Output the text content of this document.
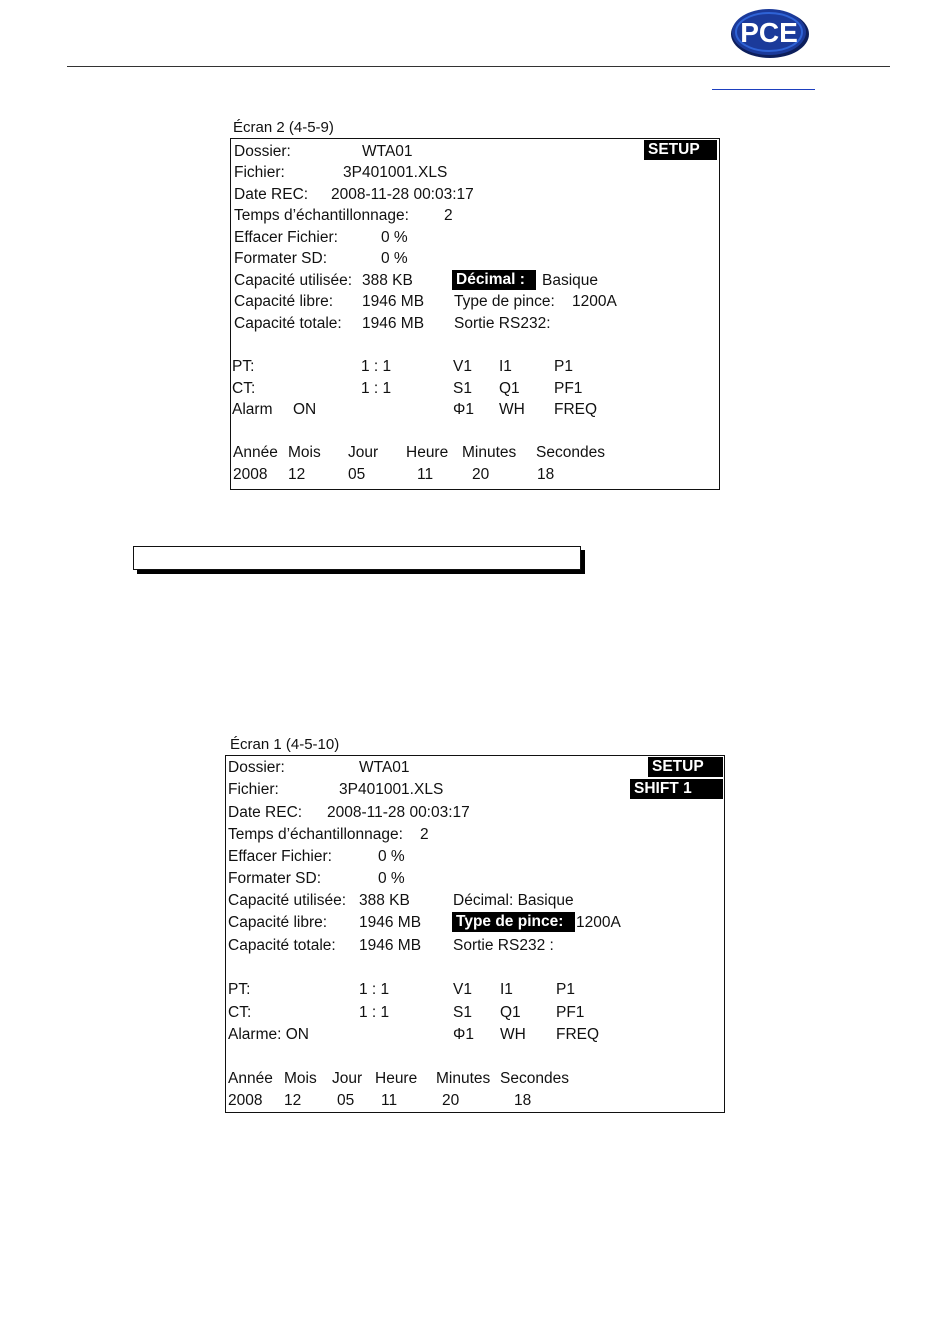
PCE
Écran 2 (4-5-9)
SETUP
Dossier:	WTA01
Fichier:	3P401001.XLS
Date REC: 2008-11-28 00:03:17
Temps d’échantillonnage: 2
Effacer Fichier:	0 %
Formater SD:	0 %
Capacité utilisée: 388 KB	Décimal :	Basique
Capacité libre: 1946 MB Type de pince: 1200A
Capacité totale: 1946 MB Sortie RS232:
PT:	1 : 1	V1 I1	P1
CT:	1 : 1	S1 Q1 PF1
Alarm ON	Φ1 WH FREQ
Année Mois Jour Heure Minutes Secondes
2008 12	05	11	20	18
Écran 1 (4-5-10)
SETUP
SHIFT 1
Dossier:	WTA01
Fichier:	3P401001.XLS
Date REC: 2008-11-28 00:03:17
Temps d’échantillonnage: 2
Effacer Fichier:	0 %
Formater SD:	0 %
Capacité utilisée: 388 KB	Décimal: Basique
Capacité libre: 1946 MB Type de pince: 1200A
Capacité totale: 1946 MB Sortie RS232 :
PT:	1 : 1	V1 I1	P1
CT:	1 : 1	S1 Q1 PF1
Alarme: ON	Φ1 WH FREQ
Année Mois Jour Heure Minutes Secondes
2008 12 05 11	20	18
